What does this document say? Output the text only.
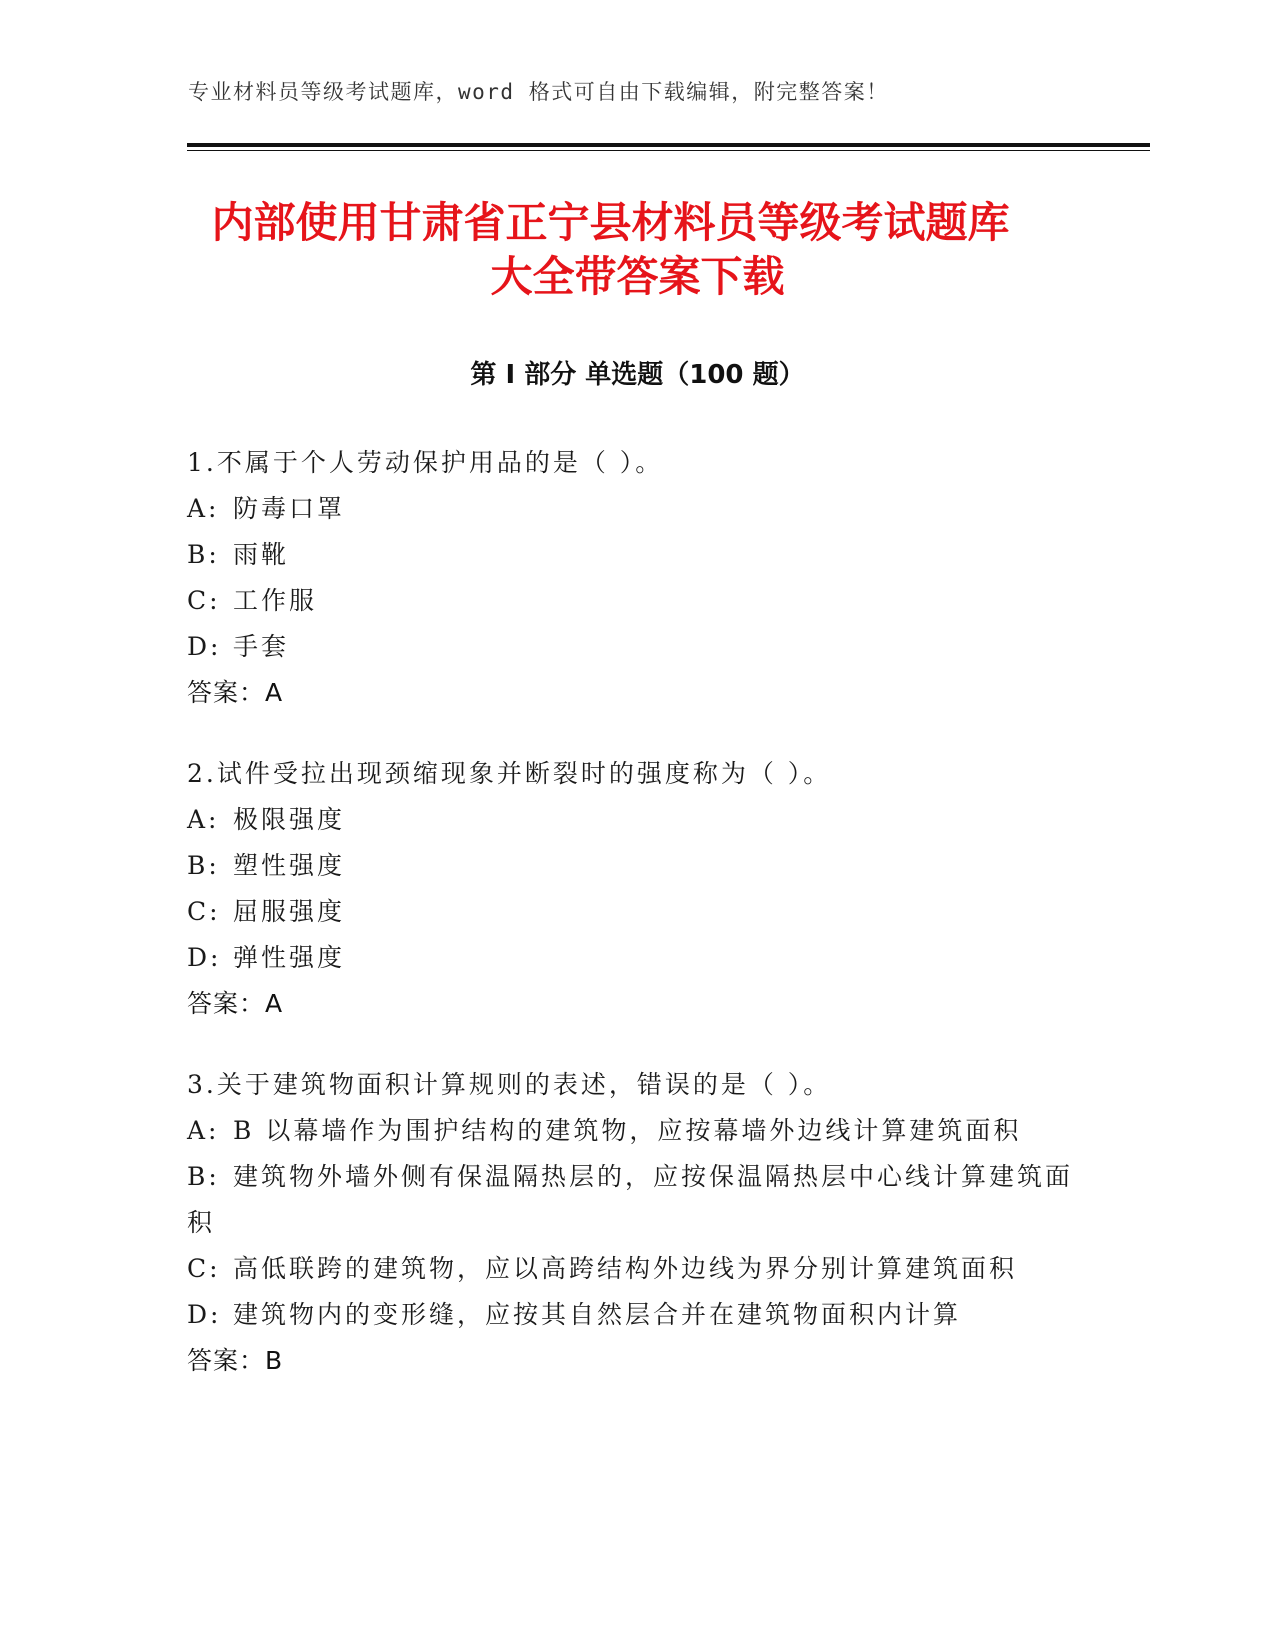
专业材料员等级考试题库，word 格式可自由下载编辑，附完整答案！
内部使用甘肃省正宁县材料员等级考试题库
大全带答案下载
第 I 部分 单选题（100 题）
1.不属于个人劳动保护用品的是（ ）。
A: 防毒口罩
B: 雨靴
C: 工作服
D: 手套
答案：A
2.试件受拉出现颈缩现象并断裂时的强度称为（ ）。
A: 极限强度
B: 塑性强度
C: 屈服强度
D: 弹性强度
答案：A
3.关于建筑物面积计算规则的表述，错误的是（ ）。
A: B 以幕墙作为围护结构的建筑物，应按幕墙外边线计算建筑面积
B: 建筑物外墙外侧有保温隔热层的，应按保温隔热层中心线计算建筑面积
C: 高低联跨的建筑物，应以高跨结构外边线为界分别计算建筑面积
D: 建筑物内的变形缝，应按其自然层合并在建筑物面积内计算
答案：B
